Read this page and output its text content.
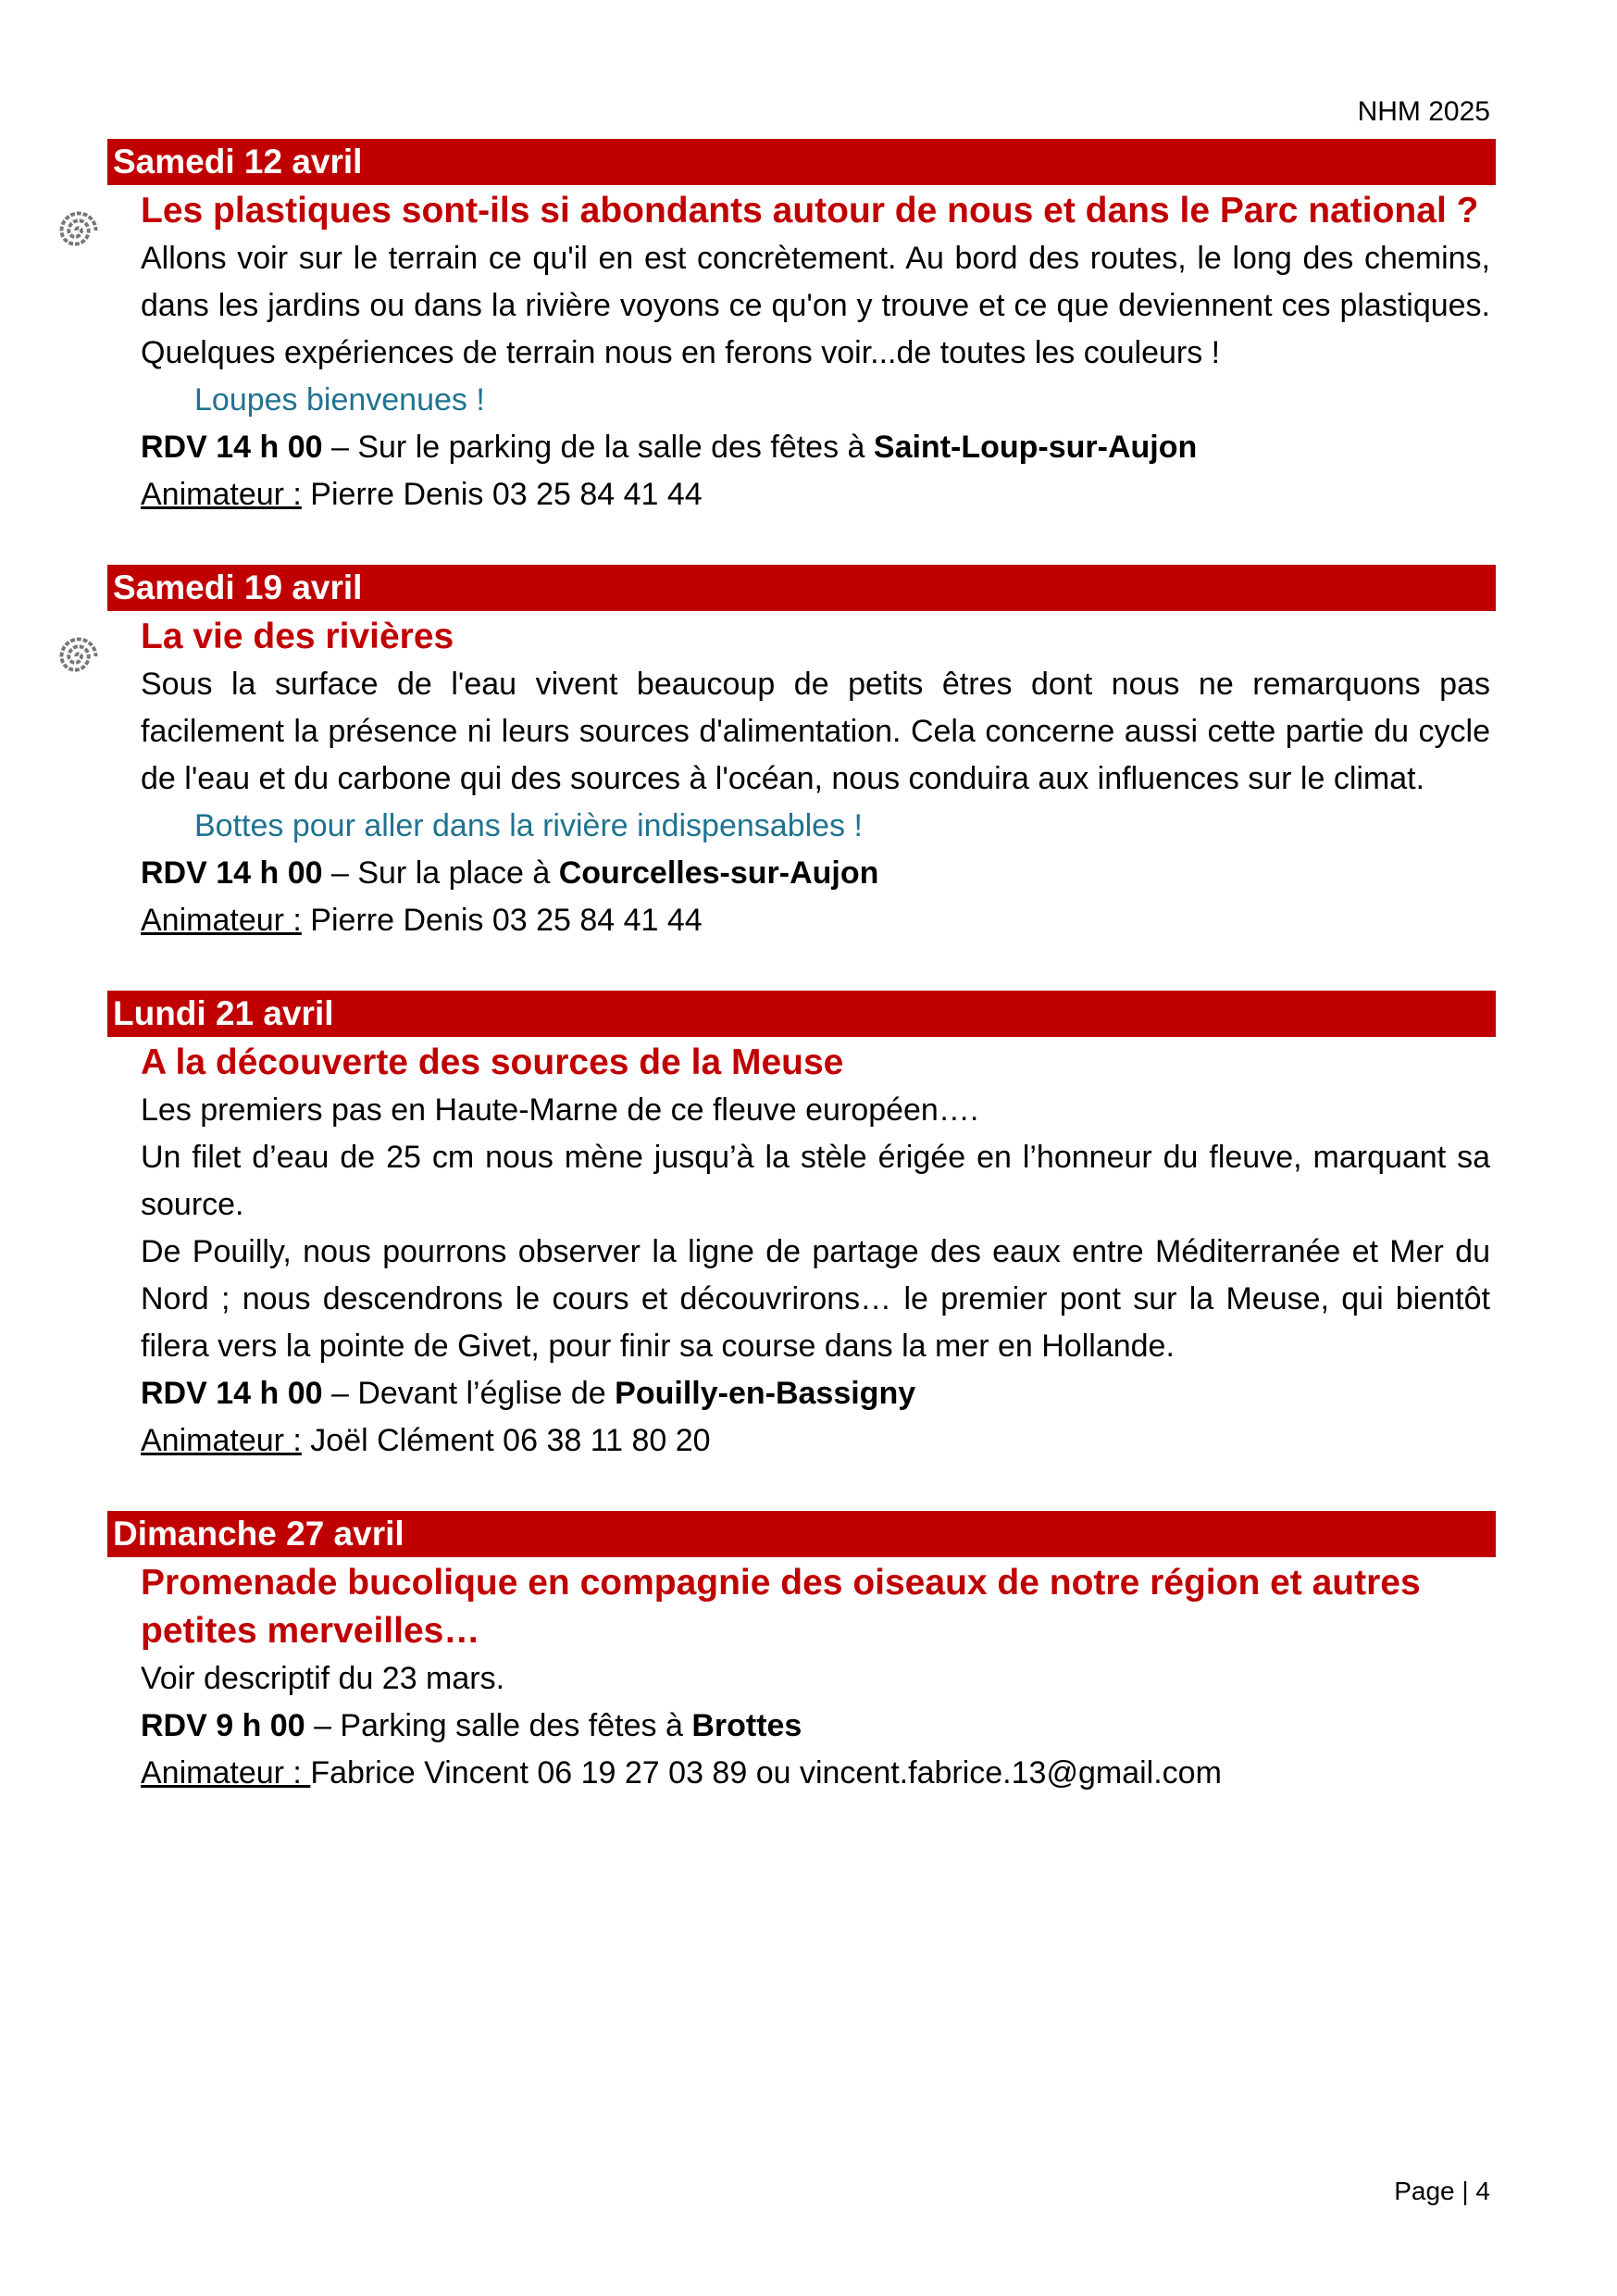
NHM 2025
Samedi 12 avril
Les plastiques sont-ils si abondants autour de nous et dans le Parc national ?
Allons voir sur le terrain ce qu'il en est concrètement. Au bord des routes, le long des chemins, dans les jardins ou dans la rivière voyons ce qu'on y trouve et ce que deviennent ces plastiques. Quelques expériences de terrain nous en ferons voir...de toutes les couleurs !
Loupes bienvenues !
RDV 14 h 00 – Sur le parking de la salle des fêtes à Saint-Loup-sur-Aujon
Animateur : Pierre Denis 03 25 84 41 44
Samedi 19 avril
La vie des rivières
Sous la surface de l'eau vivent beaucoup de petits êtres dont nous ne remarquons pas facilement la présence ni leurs sources d'alimentation. Cela concerne aussi cette partie du cycle de l'eau et du carbone qui des sources à l'océan, nous conduira aux influences sur le climat.
Bottes pour aller dans la rivière indispensables !
RDV 14 h 00 – Sur la place à Courcelles-sur-Aujon
Animateur : Pierre Denis 03 25 84 41 44
Lundi 21 avril
A la découverte des sources de la Meuse
Les premiers pas en Haute-Marne de ce fleuve européen….
Un filet d’eau de 25 cm nous mène jusqu’à la stèle érigée en l’honneur du fleuve, marquant sa source.
De Pouilly, nous pourrons observer la ligne de partage des eaux entre Méditerranée et Mer du Nord ; nous descendrons le cours et découvrirons… le premier pont sur la Meuse, qui bientôt filera vers la pointe de Givet, pour finir sa course dans la mer en Hollande.
RDV 14 h 00 – Devant l’église de Pouilly-en-Bassigny
Animateur : Joël Clément 06 38 11 80 20
Dimanche 27 avril
Promenade bucolique en compagnie des oiseaux de notre région et autres petites merveilles…
Voir descriptif du 23 mars.
RDV 9 h 00 – Parking salle des fêtes à Brottes
Animateur : Fabrice Vincent 06 19 27 03 89 ou vincent.fabrice.13@gmail.com
Page | 4
